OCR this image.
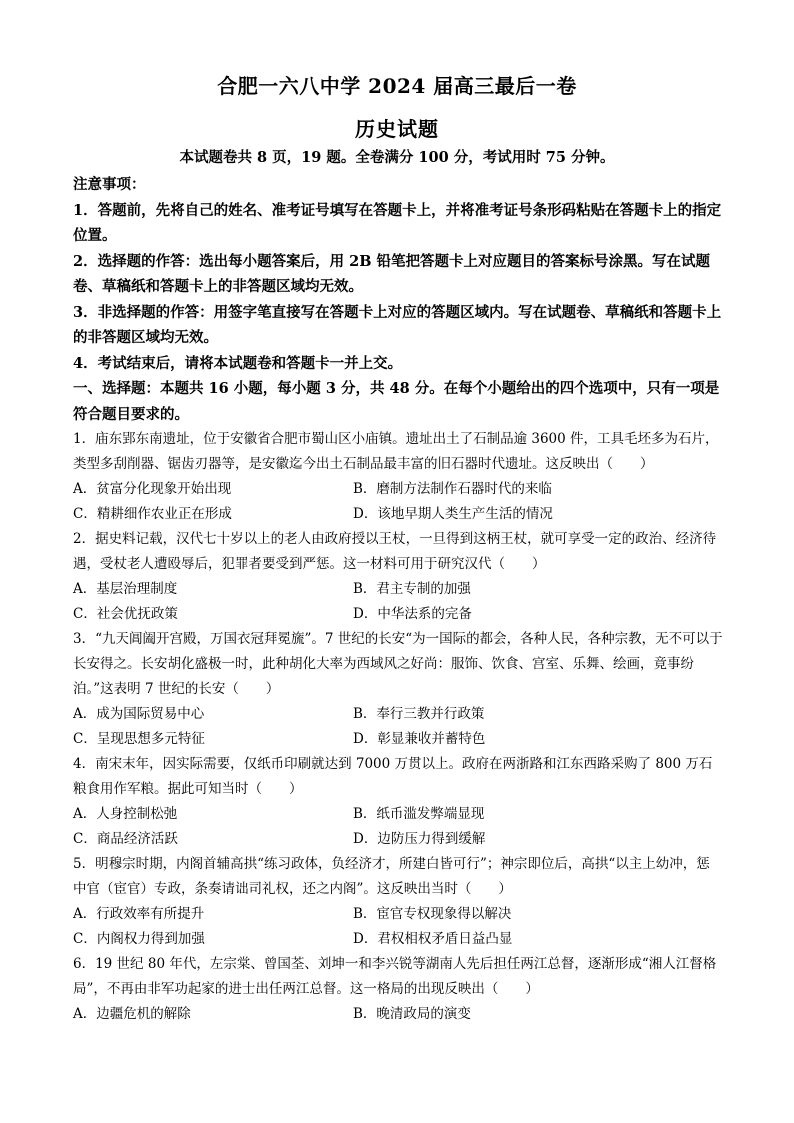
合肥一六八中学 2024 届高三最后一卷
历史试题
本试题卷共 8 页，19 题。全卷满分 100 分，考试用时 75 分钟。

注意事项：

1．答题前，先将自己的姓名、准考证号填写在答题卡上，并将准考证号条形码粘贴在答题卡上的指定位置。

2．选择题的作答：选出每小题答案后，用 2B 铅笔把答题卡上对应题目的答案标号涂黑。写在试题卷、草稿纸和答题卡上的非答题区域均无效。

3．非选择题的作答：用签字笔直接写在答题卡上对应的答题区域内。写在试题卷、草稿纸和答题卡上的非答题区域均无效。

4．考试结束后，请将本试题卷和答题卡一并上交。

一、选择题：本题共 16 小题，每小题 3 分，共 48 分。在每个小题给出的四个选项中，只有一项是符合题目要求的。

1．庙东郢东南遗址，位于安徽省合肥市蜀山区小庙镇。遗址出土了石制品逾 3600 件，工具毛坯多为石片，类型多刮削器、锯齿刃器等，是安徽迄今出土石制品最丰富的旧石器时代遗址。这反映出（　　）

A．贫富分化现象开始出现	B．磨制方法制作石器时代的来临
C．精耕细作农业正在形成	D．该地早期人类生产生活的情况

2．据史料记载，汉代七十岁以上的老人由政府授以王杖，一旦得到这柄王杖，就可享受一定的政治、经济待遇，受杖老人遭殴辱后，犯罪者要受到严惩。这一材料可用于研究汉代（　　）

A．基层治理制度	B．君主专制的加强
C．社会优抚政策	D．中华法系的完备

3．“九天阊阖开宫殿，万国衣冠拜冕旒”。7 世纪的长安“为一国际的都会，各种人民，各种宗教，无不可以于长安得之。长安胡化盛极一时，此种胡化大率为西域风之好尚：服饰、饮食、宫室、乐舞、绘画，竟事纷泊。”这表明 7 世纪的长安（　　）

A．成为国际贸易中心	B．奉行三教并行政策
C．呈现思想多元特征	D．彰显兼收并蓄特色

4．南宋末年，因实际需要，仅纸币印刷就达到 7000 万贯以上。政府在两浙路和江东西路采购了 800 万石粮食用作军粮。据此可知当时（　　）

A．人身控制松弛	B．纸币滥发弊端显现
C．商品经济活跃	D．边防压力得到缓解

5．明穆宗时期，内阁首辅高拱“练习政体，负经济才，所建白皆可行”；神宗即位后，高拱“以主上幼冲，惩中官（宦官）专政，条奏请诎司礼权，还之内阁”。这反映出当时（　　）

A．行政效率有所提升	B．宦官专权现象得以解决
C．内阁权力得到加强	D．君权相权矛盾日益凸显

6．19 世纪 80 年代，左宗棠、曾国荃、刘坤一和李兴锐等湖南人先后担任两江总督，逐渐形成“湘人江督格局”，不再由非军功起家的进士出任两江总督。这一格局的出现反映出（　　）

A．边疆危机的解除	B．晚清政局的演变
